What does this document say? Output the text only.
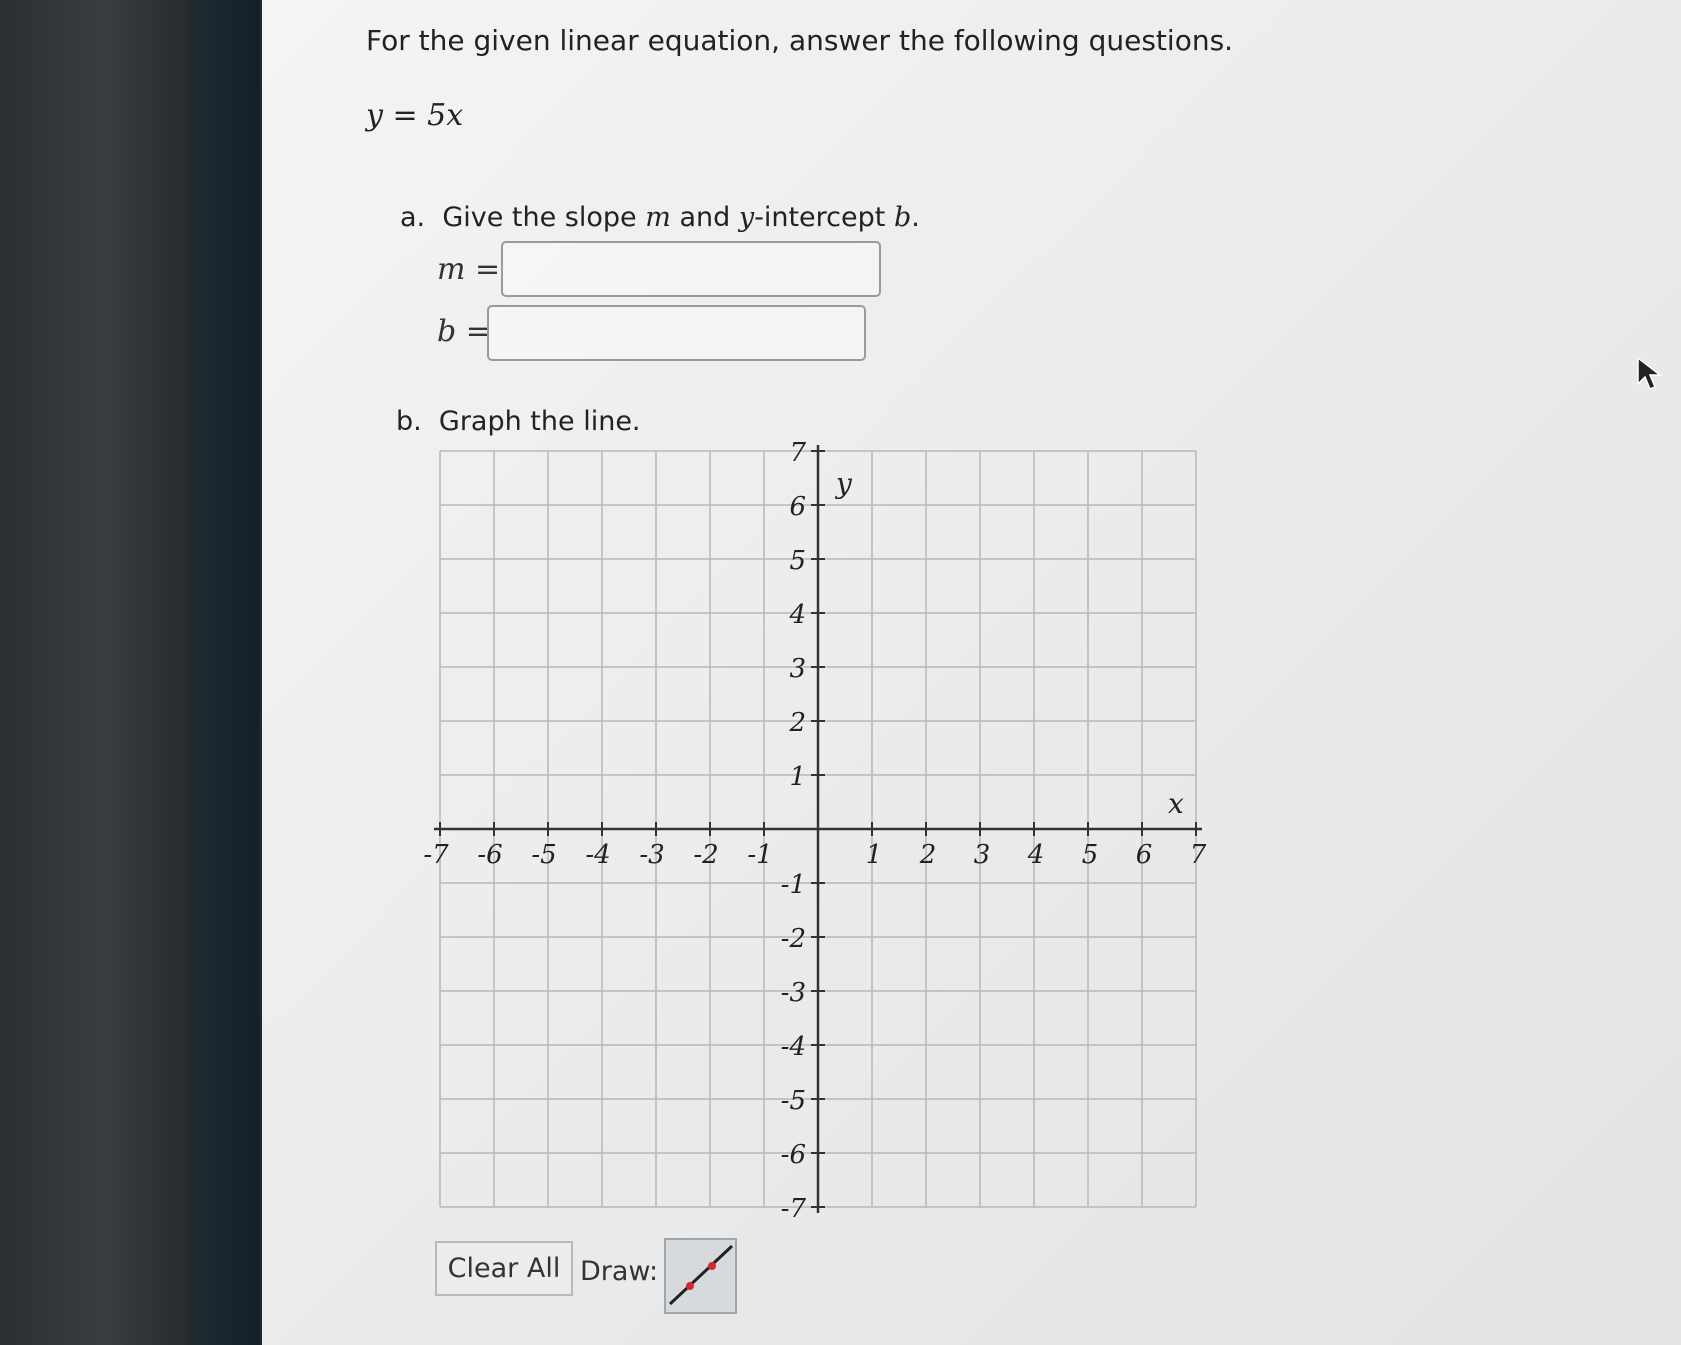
For the given linear equation, answer the following questions.
y = 5x
a. Give the slope m and y-intercept b.
m =
b =
b. Graph the line.
-7 -6 -5 -4 -3 -2 -1	1 2 3 4 5 6 7
7
6
5
4
3
2
1
-1
-2
-3
-4
-5
-6
-7
x
y
Clear All Draw:
